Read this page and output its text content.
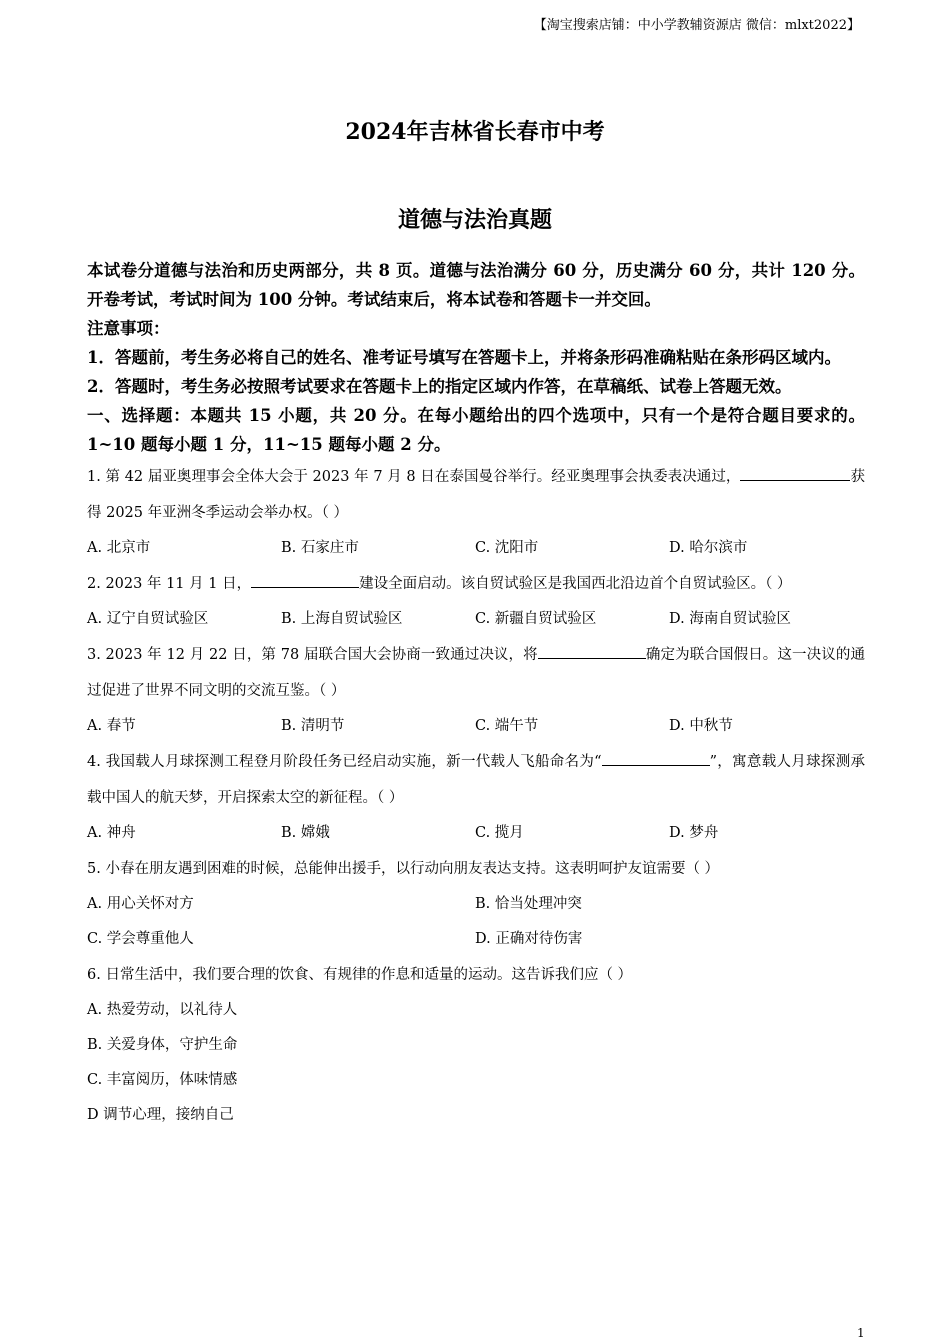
【淘宝搜索店铺：中小学教辅资源店 微信：mlxt2022】
2024年吉林省长春市中考
道德与法治真题

本试卷分道德与法治和历史两部分，共 8 页。道德与法治满分 60 分，历史满分 60 分，共计 120 分。开卷考试，考试时间为 100 分钟。考试结束后，将本试卷和答题卡一并交回。

注意事项：

1．答题前，考生务必将自己的姓名、准考证号填写在答题卡上，并将条形码准确粘贴在条形码区域内。

2．答题时，考生务必按照考试要求在答题卡上的指定区域内作答，在草稿纸、试卷上答题无效。

一、选择题：本题共 15 小题，共 20 分。在每小题给出的四个选项中，只有一个是符合题目要求的。1~10 题每小题 1 分，11~15 题每小题 2 分。

1. 第 42 届亚奥理事会全体大会于 2023 年 7 月 8 日在泰国曼谷举行。经亚奥理事会执委表决通过，	获得 2025 年亚洲冬季运动会举办权。（ ）

A. 北京市	B. 石家庄市	C. 沈阳市	D. 哈尔滨市

2. 2023 年 11 月 1 日，	建设全面启动。该自贸试验区是我国西北沿边首个自贸试验区。（ ）

A. 辽宁自贸试验区	B. 上海自贸试验区	C. 新疆自贸试验区	D. 海南自贸试验区

3. 2023 年 12 月 22 日，第 78 届联合国大会协商一致通过决议，将	确定为联合国假日。这一决议的通过促进了世界不同文明的交流互鉴。（ ）

A. 春节	B. 清明节	C. 端午节	D. 中秋节

4. 我国载人月球探测工程登月阶段任务已经启动实施，新一代载人飞船命名为“	”，寓意载人月球探测承载中国人的航天梦，开启探索太空的新征程。（ ）

A. 神舟	B. 嫦娥	C. 揽月	D. 梦舟

5. 小春在朋友遇到困难的时候，总能伸出援手，以行动向朋友表达支持。这表明呵护友谊需要（ ）

A. 用心关怀对方	B. 恰当处理冲突
C. 学会尊重他人	D. 正确对待伤害

6. 日常生活中，我们要合理的饮食、有规律的作息和适量的运动。这告诉我们应（ ）

A. 热爱劳动，以礼待人
B. 关爱身体，守护生命
C. 丰富阅历，体味情感
D 调节心理，接纳自己
1
